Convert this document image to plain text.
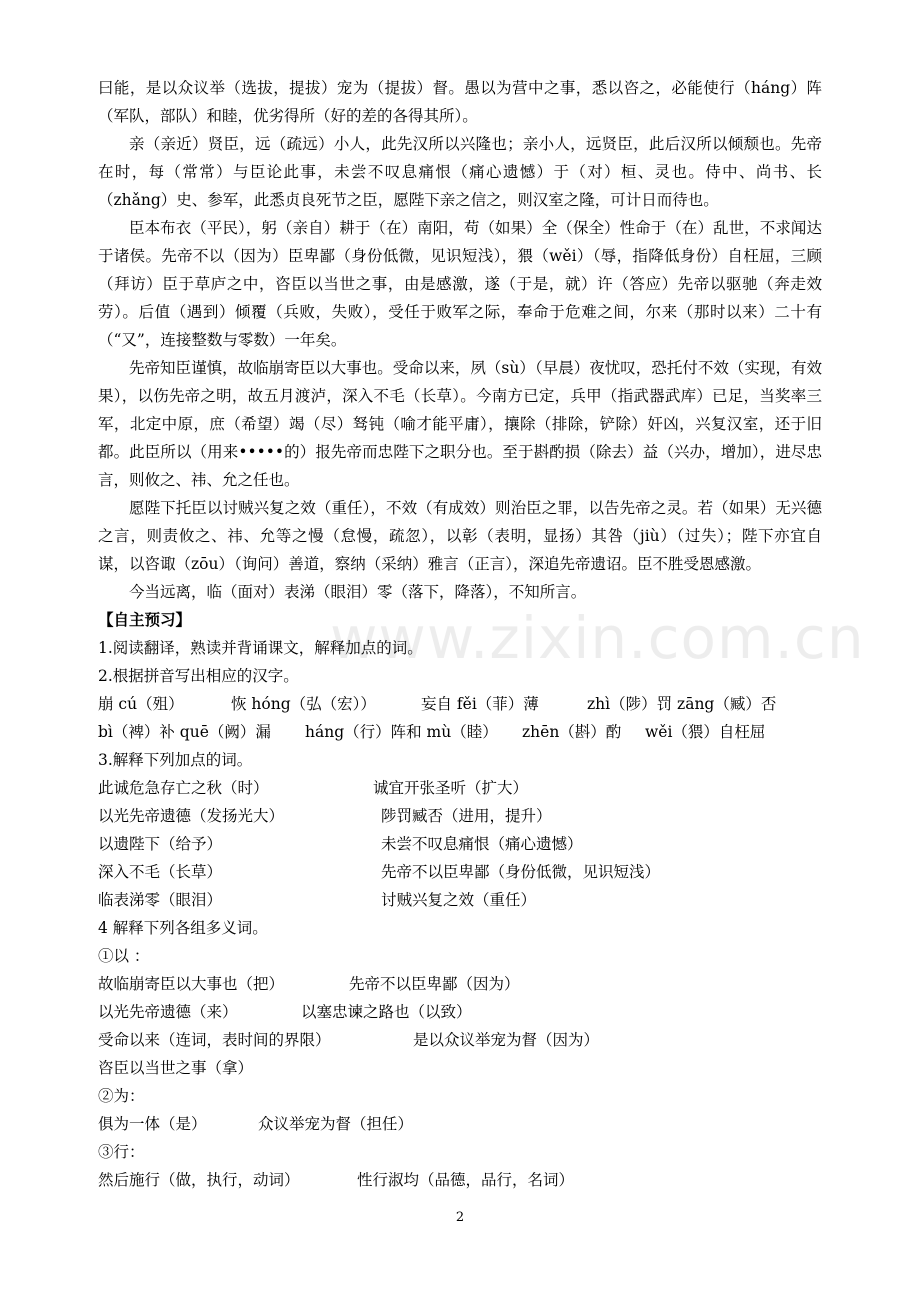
www.zixin.com.cn

曰能，是以众议举（选拔，提拔）宠为（提拔）督。愚以为营中之事，悉以咨之，必能使行（háng）阵（军队，部队）和睦，优劣得所（好的差的各得其所）。

亲（亲近）贤臣，远（疏远）小人，此先汉所以兴隆也；亲小人，远贤臣，此后汉所以倾颓也。先帝在时，每（常常）与臣论此事，未尝不叹息痛恨（痛心遗憾）于（对）桓、灵也。侍中、尚书、长（zhǎng）史、参军，此悉贞良死节之臣，愿陛下亲之信之，则汉室之隆，可计日而待也。

臣本布衣（平民），躬（亲自）耕于（在）南阳，苟（如果）全（保全）性命于（在）乱世，不求闻达于诸侯。先帝不以（因为）臣卑鄙（身份低微，见识短浅），猥（wěi）（辱，指降低身份）自枉屈，三顾（拜访）臣于草庐之中，咨臣以当世之事，由是感激，遂（于是，就）许（答应）先帝以驱驰（奔走效劳）。后值（遇到）倾覆（兵败，失败），受任于败军之际，奉命于危难之间，尔来（那时以来）二十有（“又”，连接整数与零数）一年矣。

先帝知臣谨慎，故临崩寄臣以大事也。受命以来，夙（sù）（早晨）夜忧叹，恐托付不效（实现，有效果），以伤先帝之明，故五月渡泸，深入不毛（长草）。今南方已定，兵甲（指武器武库）已足，当奖率三军，北定中原，庶（希望）竭（尽）驽钝（喻才能平庸），攘除（排除，铲除）奸凶，兴复汉室，还于旧都。此臣所以（用来•••••的）报先帝而忠陛下之职分也。至于斟酌损（除去）益（兴办，增加），进尽忠言，则攸之、祎、允之任也。

愿陛下托臣以讨贼兴复之效（重任），不效（有成效）则治臣之罪，以告先帝之灵。若（如果）无兴德之言，则责攸之、祎、允等之慢（怠慢，疏忽），以彰（表明，显扬）其咎（jiù）（过失）；陛下亦宜自谋，以咨诹（zōu）（询问）善道，察纳（采纳）雅言（正言），深追先帝遗诏。臣不胜受恩感激。

今当远离，临（面对）表涕（眼泪）零（落下，降落），不知所言。

【自主预习】

1.阅读翻译，熟读并背诵课文，解释加点的词。

2.根据拼音写出相应的汉字。

崩 cú（殂）	恢 hóng（弘（宏））	妄自 fěi（菲）薄	zhì（陟）罚 zāng（臧）否
bì（裨）补 quē（阙）漏 háng（行）阵和 mù（睦） zhēn（斟）酌 wěi（猥）自枉屈

3.解释下列加点的词。

此诚危急存亡之秋（时）	诚宜开张圣听（扩大）
以光先帝遗德（发扬光大）	陟罚臧否（进用，提升）
以遗陛下（给予）	未尝不叹息痛恨（痛心遗憾）
深入不毛（长草）	先帝不以臣卑鄙（身份低微，见识短浅）
临表涕零（眼泪）	讨贼兴复之效（重任）

4 解释下列各组多义词。

①以 ：

故临崩寄臣以大事也（把）	先帝不以臣卑鄙（因为）
以光先帝遗德（来）	以塞忠谏之路也（以致）
受命以来（连词，表时间的界限）	是以众议举宠为督（因为）
咨臣以当世之事（拿）

②为：

俱为一体（是）	众议举宠为督（担任）

③行：

然后施行（做，执行，动词）	性行淑均（品德，品行，名词）
2
